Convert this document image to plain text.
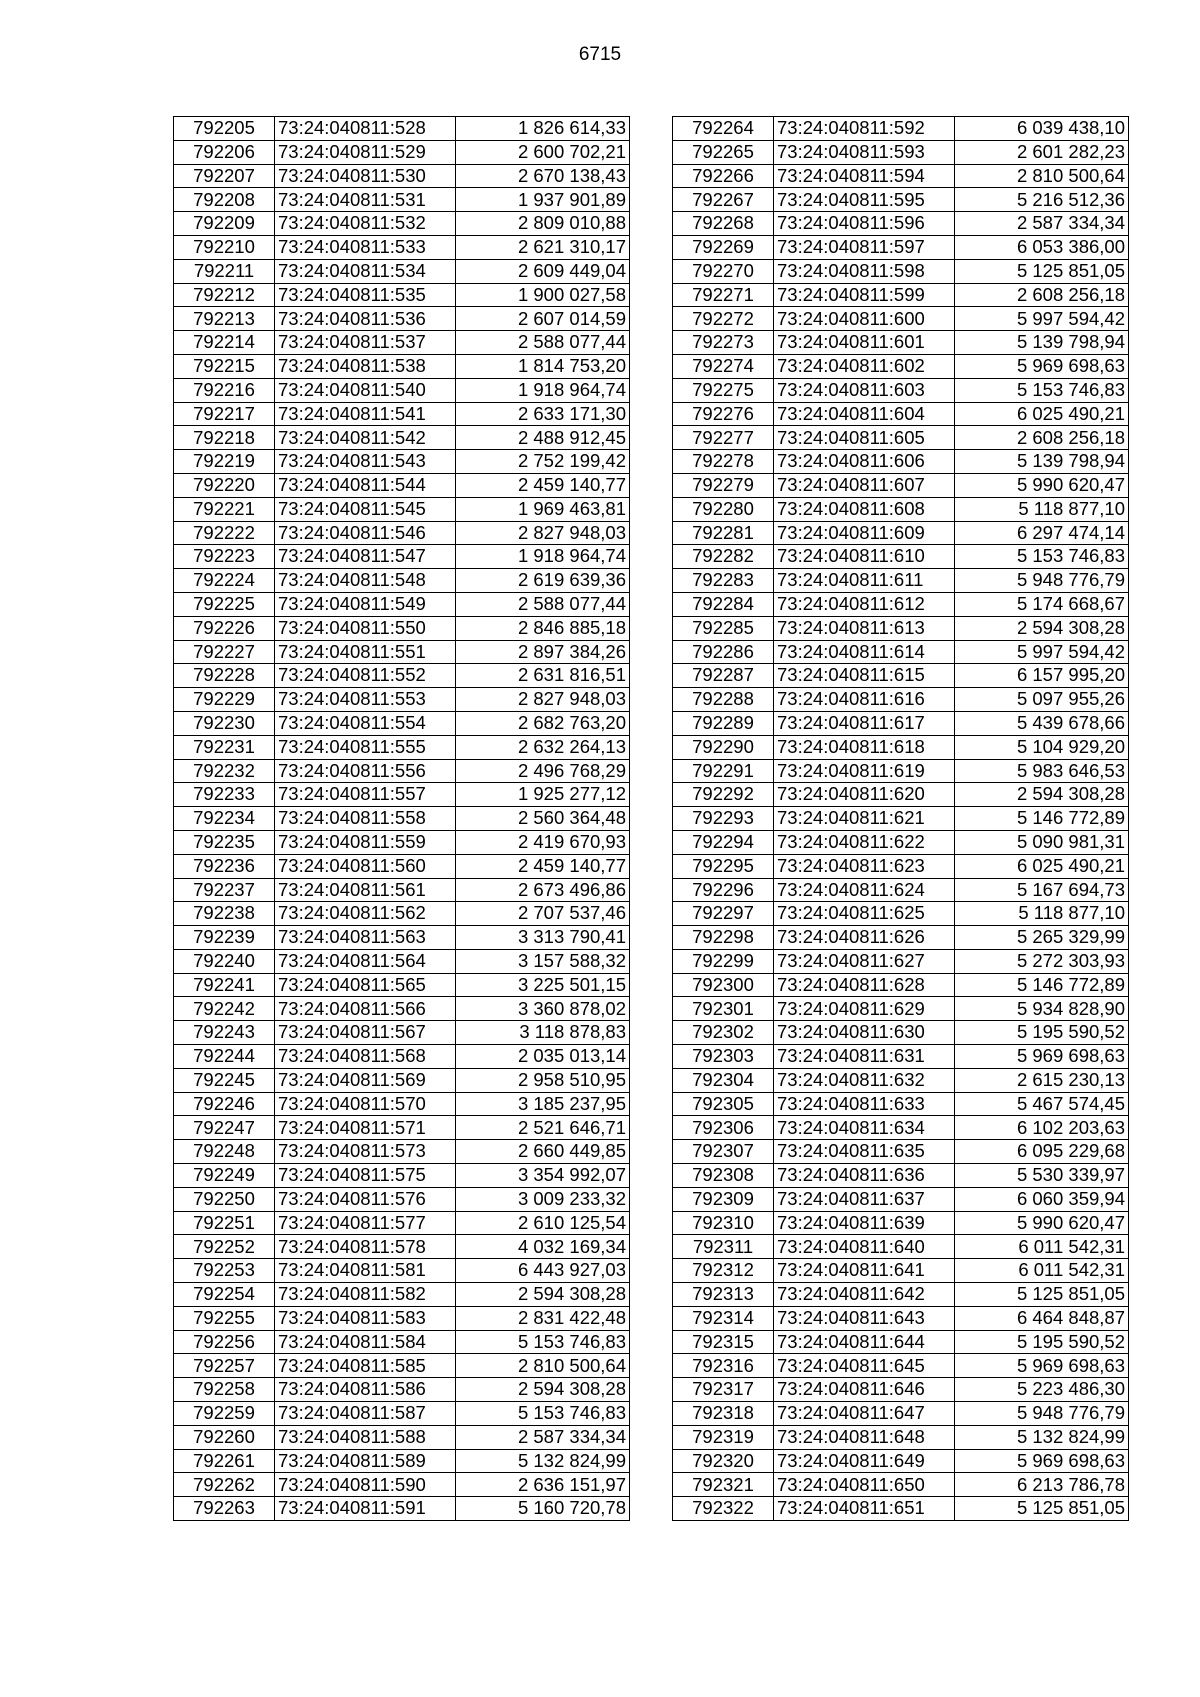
6715
792205	73:24:040811:528	1 826 614,33
792206	73:24:040811:529	2 600 702,21
792207	73:24:040811:530	2 670 138,43
792208	73:24:040811:531	1 937 901,89
792209	73:24:040811:532	2 809 010,88
792210	73:24:040811:533	2 621 310,17
792211	73:24:040811:534	2 609 449,04
792212	73:24:040811:535	1 900 027,58
792213	73:24:040811:536	2 607 014,59
792214	73:24:040811:537	2 588 077,44
792215	73:24:040811:538	1 814 753,20
792216	73:24:040811:540	1 918 964,74
792217	73:24:040811:541	2 633 171,30
792218	73:24:040811:542	2 488 912,45
792219	73:24:040811:543	2 752 199,42
792220	73:24:040811:544	2 459 140,77
792221	73:24:040811:545	1 969 463,81
792222	73:24:040811:546	2 827 948,03
792223	73:24:040811:547	1 918 964,74
792224	73:24:040811:548	2 619 639,36
792225	73:24:040811:549	2 588 077,44
792226	73:24:040811:550	2 846 885,18
792227	73:24:040811:551	2 897 384,26
792228	73:24:040811:552	2 631 816,51
792229	73:24:040811:553	2 827 948,03
792230	73:24:040811:554	2 682 763,20
792231	73:24:040811:555	2 632 264,13
792232	73:24:040811:556	2 496 768,29
792233	73:24:040811:557	1 925 277,12
792234	73:24:040811:558	2 560 364,48
792235	73:24:040811:559	2 419 670,93
792236	73:24:040811:560	2 459 140,77
792237	73:24:040811:561	2 673 496,86
792238	73:24:040811:562	2 707 537,46
792239	73:24:040811:563	3 313 790,41
792240	73:24:040811:564	3 157 588,32
792241	73:24:040811:565	3 225 501,15
792242	73:24:040811:566	3 360 878,02
792243	73:24:040811:567	3 118 878,83
792244	73:24:040811:568	2 035 013,14
792245	73:24:040811:569	2 958 510,95
792246	73:24:040811:570	3 185 237,95
792247	73:24:040811:571	2 521 646,71
792248	73:24:040811:573	2 660 449,85
792249	73:24:040811:575	3 354 992,07
792250	73:24:040811:576	3 009 233,32
792251	73:24:040811:577	2 610 125,54
792252	73:24:040811:578	4 032 169,34
792253	73:24:040811:581	6 443 927,03
792254	73:24:040811:582	2 594 308,28
792255	73:24:040811:583	2 831 422,48
792256	73:24:040811:584	5 153 746,83
792257	73:24:040811:585	2 810 500,64
792258	73:24:040811:586	2 594 308,28
792259	73:24:040811:587	5 153 746,83
792260	73:24:040811:588	2 587 334,34
792261	73:24:040811:589	5 132 824,99
792262	73:24:040811:590	2 636 151,97
792263	73:24:040811:591	5 160 720,78
792264	73:24:040811:592	6 039 438,10
792265	73:24:040811:593	2 601 282,23
792266	73:24:040811:594	2 810 500,64
792267	73:24:040811:595	5 216 512,36
792268	73:24:040811:596	2 587 334,34
792269	73:24:040811:597	6 053 386,00
792270	73:24:040811:598	5 125 851,05
792271	73:24:040811:599	2 608 256,18
792272	73:24:040811:600	5 997 594,42
792273	73:24:040811:601	5 139 798,94
792274	73:24:040811:602	5 969 698,63
792275	73:24:040811:603	5 153 746,83
792276	73:24:040811:604	6 025 490,21
792277	73:24:040811:605	2 608 256,18
792278	73:24:040811:606	5 139 798,94
792279	73:24:040811:607	5 990 620,47
792280	73:24:040811:608	5 118 877,10
792281	73:24:040811:609	6 297 474,14
792282	73:24:040811:610	5 153 746,83
792283	73:24:040811:611	5 948 776,79
792284	73:24:040811:612	5 174 668,67
792285	73:24:040811:613	2 594 308,28
792286	73:24:040811:614	5 997 594,42
792287	73:24:040811:615	6 157 995,20
792288	73:24:040811:616	5 097 955,26
792289	73:24:040811:617	5 439 678,66
792290	73:24:040811:618	5 104 929,20
792291	73:24:040811:619	5 983 646,53
792292	73:24:040811:620	2 594 308,28
792293	73:24:040811:621	5 146 772,89
792294	73:24:040811:622	5 090 981,31
792295	73:24:040811:623	6 025 490,21
792296	73:24:040811:624	5 167 694,73
792297	73:24:040811:625	5 118 877,10
792298	73:24:040811:626	5 265 329,99
792299	73:24:040811:627	5 272 303,93
792300	73:24:040811:628	5 146 772,89
792301	73:24:040811:629	5 934 828,90
792302	73:24:040811:630	5 195 590,52
792303	73:24:040811:631	5 969 698,63
792304	73:24:040811:632	2 615 230,13
792305	73:24:040811:633	5 467 574,45
792306	73:24:040811:634	6 102 203,63
792307	73:24:040811:635	6 095 229,68
792308	73:24:040811:636	5 530 339,97
792309	73:24:040811:637	6 060 359,94
792310	73:24:040811:639	5 990 620,47
792311	73:24:040811:640	6 011 542,31
792312	73:24:040811:641	6 011 542,31
792313	73:24:040811:642	5 125 851,05
792314	73:24:040811:643	6 464 848,87
792315	73:24:040811:644	5 195 590,52
792316	73:24:040811:645	5 969 698,63
792317	73:24:040811:646	5 223 486,30
792318	73:24:040811:647	5 948 776,79
792319	73:24:040811:648	5 132 824,99
792320	73:24:040811:649	5 969 698,63
792321	73:24:040811:650	6 213 786,78
792322	73:24:040811:651	5 125 851,05
